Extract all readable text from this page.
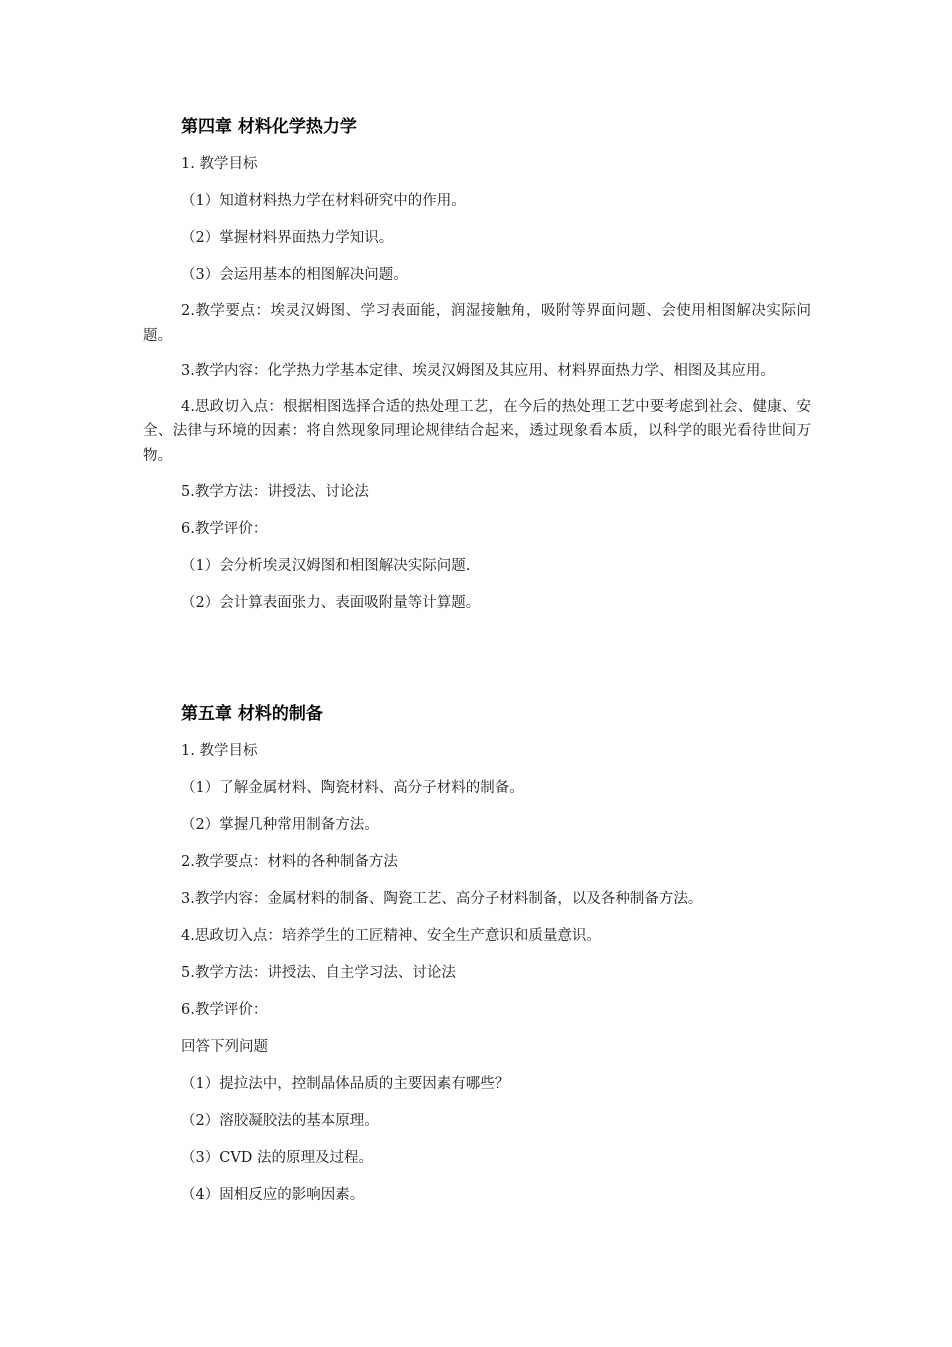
第四章 材料化学热力学

1. 教学目标

（1）知道材料热力学在材料研究中的作用。

（2）掌握材料界面热力学知识。

（3）会运用基本的相图解决问题。

2.教学要点：埃灵汉姆图、学习表面能，润湿接触角，吸附等界面问题、会使用相图解决实际问题。

3.教学内容：化学热力学基本定律、埃灵汉姆图及其应用、材料界面热力学、相图及其应用。

4.思政切入点：根据相图选择合适的热处理工艺，在今后的热处理工艺中要考虑到社会、健康、安全、法律与环境的因素：将自然现象同理论规律结合起来，透过现象看本质，以科学的眼光看待世间万物。

5.教学方法：讲授法、讨论法

6.教学评价：

（1）会分析埃灵汉姆图和相图解决实际问题.

（2）会计算表面张力、表面吸附量等计算题。

第五章 材料的制备

1. 教学目标

（1）了解金属材料、陶瓷材料、高分子材料的制备。

（2）掌握几种常用制备方法。

2.教学要点：材料的各种制备方法

3.教学内容：金属材料的制备、陶瓷工艺、高分子材料制备，以及各种制备方法。

4.思政切入点：培养学生的工匠精神、安全生产意识和质量意识。

5.教学方法：讲授法、自主学习法、讨论法

6.教学评价：

回答下列问题

（1）提拉法中，控制晶体品质的主要因素有哪些？

（2）溶胶凝胶法的基本原理。

（3）CVD 法的原理及过程。

（4）固相反应的影响因素。
